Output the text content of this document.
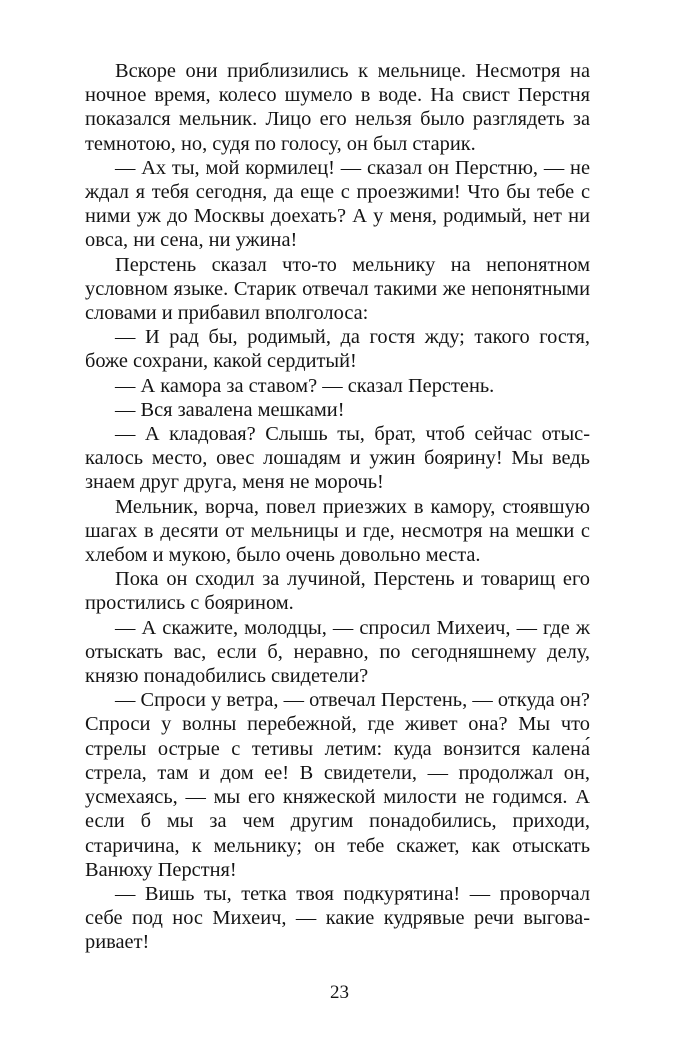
Вскоре они приблизились к мельнице. Несмотря на ночное время, колесо шумело в воде. На свист Перстня показался мельник. Лицо его нельзя было разглядеть за темнотою, но, судя по голосу, он был старик.

— Ах ты, мой кормилец! — сказал он Перстню, — не ждал я тебя сегодня, да еще с проезжими! Что бы тебе с ними уж до Москвы доехать? А у меня, родимый, нет ни овса, ни сена, ни ужина!

Перстень сказал что-то мельнику на непонятном условном языке. Старик отвечал такими же непонятными словами и прибавил вполголоса:

— И рад бы, родимый, да гостя жду; такого гостя, боже сохрани, какой сердитый!

— А камора за ставом? — сказал Перстень.

— Вся завалена мешками!

— А кладовая? Слышь ты, брат, чтоб сейчас отыскалось место, овес лошадям и ужин боярину! Мы ведь знаем друг друга, меня не морочь!

Мельник, ворча, повел приезжих в камору, стоявшую шагах в десяти от мельницы и где, несмотря на мешки с хлебом и мукою, было очень довольно места.

Пока он сходил за лучиной, Перстень и товарищ его простились с боярином.

— А скажите, молодцы, — спросил Михеич, — где ж отыскать вас, если б, неравно, по сегодняшнему делу, князю понадобились свидетели?

— Спроси у ветра, — отвечал Перстень, — откуда он? Спроси у волны перебежной, где живет она? Мы что стрелы острые с тетивы летим: куда вонзится калена́ стрела, там и дом ее! В свидетели, — продолжал он, усмехаясь, — мы его княжеской милости не годимся. А если б мы за чем другим понадобились, приходи, старичина, к мельнику; он тебе скажет, как отыскать Ванюху Перстня!

— Вишь ты, тетка твоя подкурятина! — проворчал себе под нос Михеич, — какие кудрявые речи выговаривает!

23
